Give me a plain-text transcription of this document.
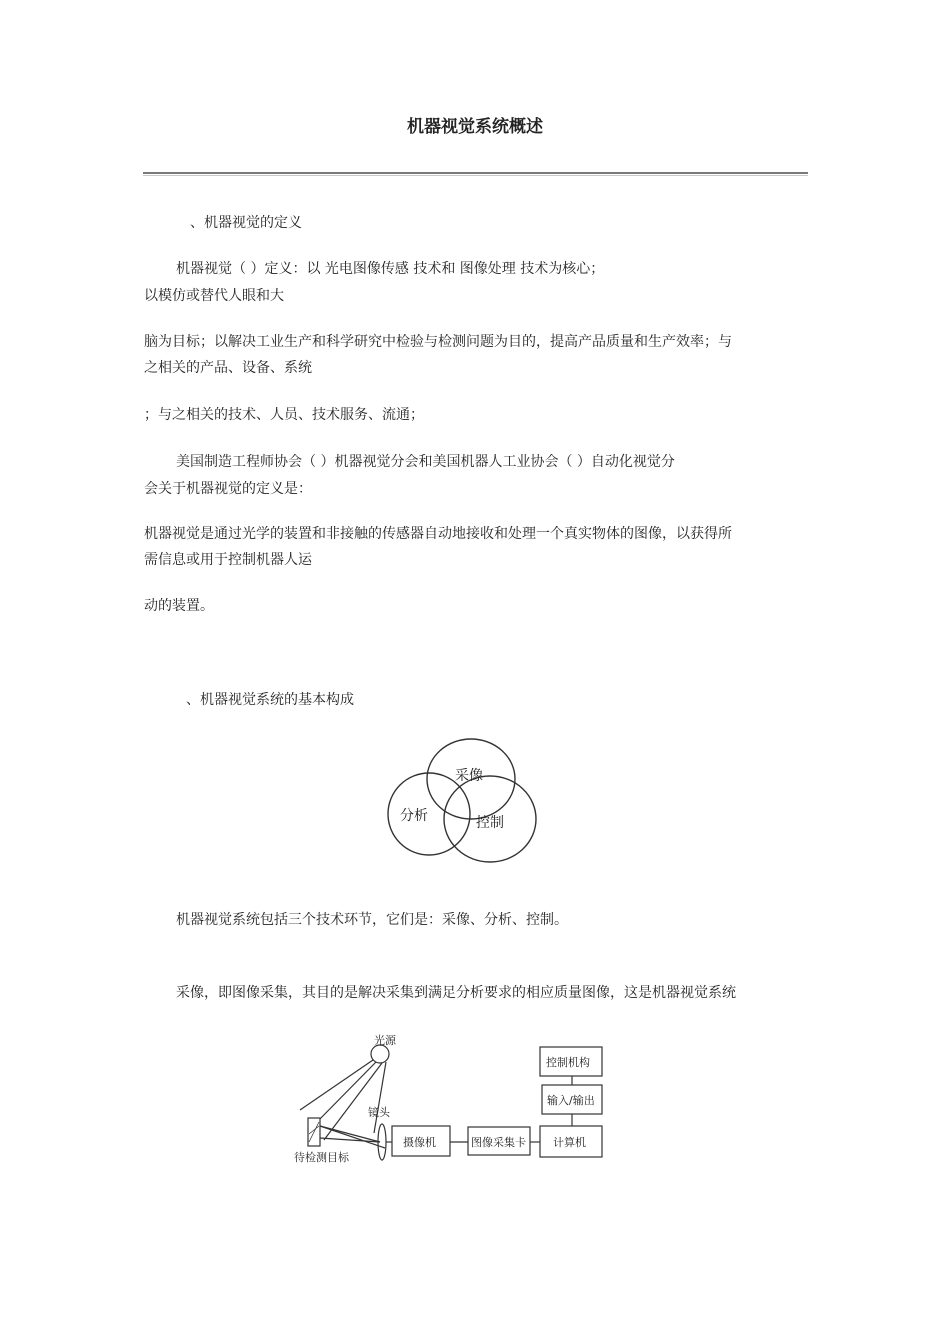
机器视觉系统概述

、机器视觉的定义

机器视觉（ ）定义：以 光电图像传感 技术和 图像处理 技术为核心；

以模仿或替代人眼和大

脑为目标；以解决工业生产和科学研究中检验与检测问题为目的，提高产品质量和生产效率；与

之相关的产品、设备、系统

；与之相关的技术、人员、技术服务、流通；

美国制造工程师协会（ ）机器视觉分会和美国机器人工业协会（ ）自动化视觉分

会关于机器视觉的定义是：

机器视觉是通过光学的装置和非接触的传感器自动地接收和处理一个真实物体的图像，以获得所

需信息或用于控制机器人运

动的装置。

、机器视觉系统的基本构成

采像
分析	控制

机器视觉系统包括三个技术环节，它们是：采像、分析、控制。

采像，即图像采集，其目的是解决采集到满足分析要求的相应质量图像，这是机器视觉系统

光源
镜头
待检测目标
摄像机	图像采集卡 计算机
输入/输出
控制机构
